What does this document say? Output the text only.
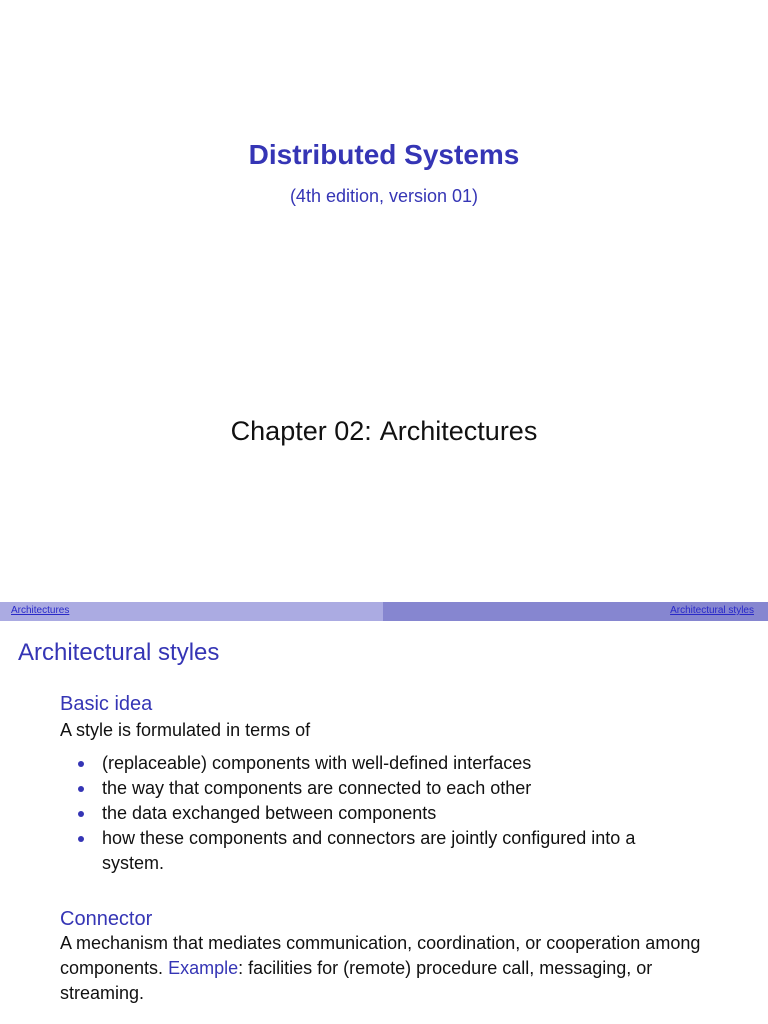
Distributed Systems
(4th edition, version 01)
Chapter 02: Architectures
Architectures	Architectural styles
Architectural styles
Basic idea
A style is formulated in terms of
(replaceable) components with well-defined interfaces
the way that components are connected to each other
the data exchanged between components
how these components and connectors are jointly configured into a system.
Connector
A mechanism that mediates communication, coordination, or cooperation among components. Example: facilities for (remote) procedure call, messaging, or streaming.
